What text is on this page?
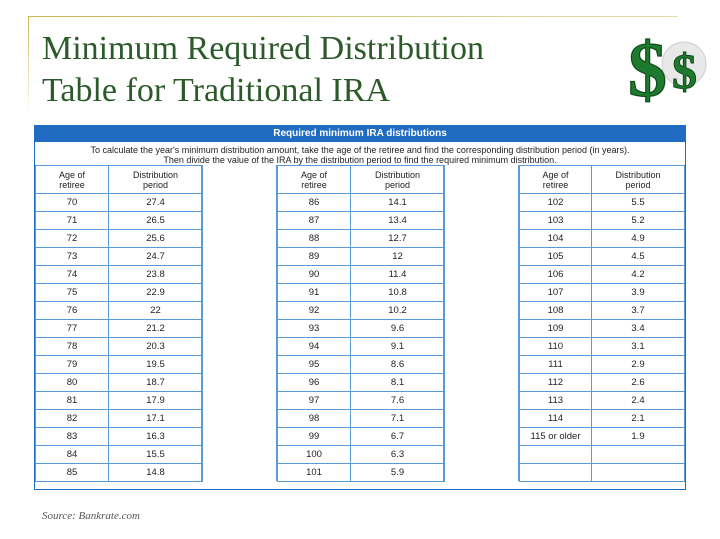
Minimum Required Distribution
Table for Traditional IRA	$ $
Required minimum IRA distributions
To calculate the year's minimum distribution amount, take the age of the retiree and find the corresponding distribution period (in years).
Then divide the value of the IRA by the distribution period to find the required minimum distribution.
Age of
retiree	Distribution
period
70	27.4
71	26.5
72	25.6
73	24.7
74	23.8
75	22.9
76	22
77	21.2
78	20.3
79	19.5
80	18.7
81	17.9
82	17.1
83	16.3
84	15.5
85	14.8
Age of
retiree	Distribution
period
86	14.1
87	13.4
88	12.7
89	12
90	11.4
91	10.8
92	10.2
93	9.6
94	9.1
95	8.6
96	8.1
97	7.6
98	7.1
99	6.7
100	6.3
101	5.9
Age of
retiree	Distribution
period
102	5.5
103	5.2
104	4.9
105	4.5
106	4.2
107	3.9
108	3.7
109	3.4
110	3.1
111	2.9
112	2.6
113	2.4
114	2.1
115 or older	1.9

Source: Bankrate.com
